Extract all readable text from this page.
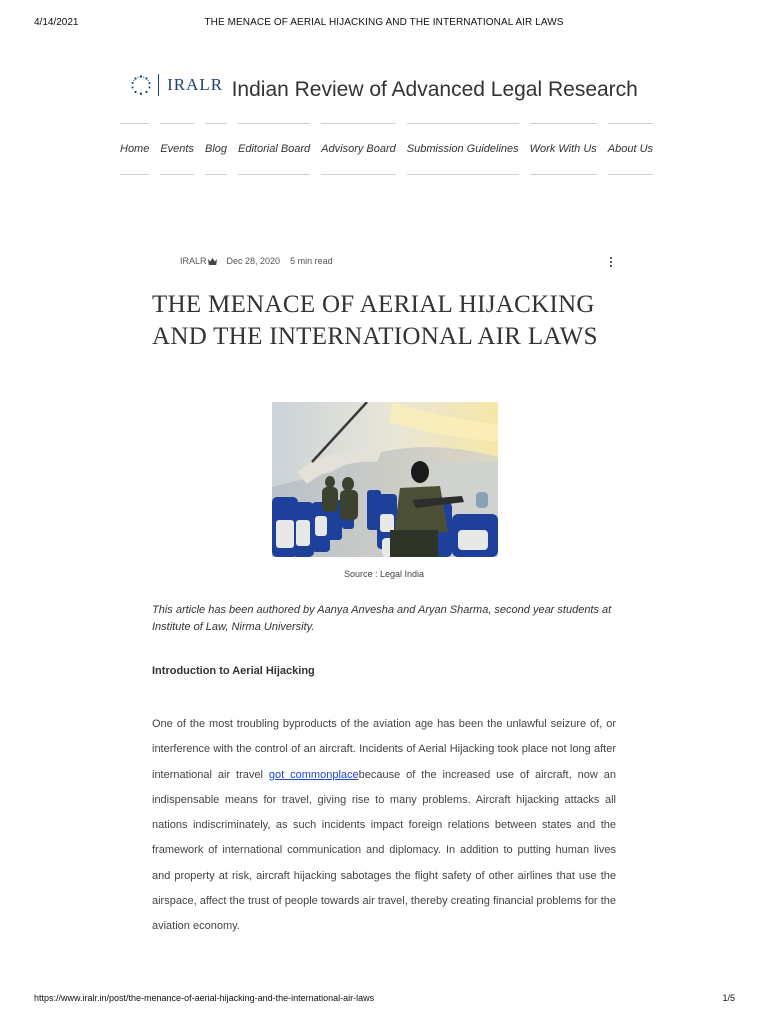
4/14/2021	THE MENACE OF AERIAL HIJACKING AND THE INTERNATIONAL AIR LAWS
IRALR Indian Review of Advanced Legal Research
Home Events Blog Editorial Board Advisory Board Submission Guidelines Work With Us About Us
IRALR	Dec 28, 2020 5 min read
THE MENACE OF AERIAL HIJACKING AND THE INTERNATIONAL AIR LAWS
Source : Legal India

This article has been authored by Aanya Anvesha and Aryan Sharma, second year students at Institute of Law, Nirma University.

Introduction to Aerial Hijacking

One of the most troubling byproducts of the aviation age has been the unlawful seizure of, or interference with the control of an aircraft. Incidents of Aerial Hijacking took place not long after international air travel got commonplacebecause of the increased use of aircraft, now an indispensable means for travel, giving rise to many problems. Aircraft hijacking attacks all nations indiscriminately, as such incidents impact foreign relations between states and the framework of international communication and diplomacy. In addition to putting human lives and property at risk, aircraft hijacking sabotages the flight safety of other airlines that use the airspace, affect the trust of people towards air travel, thereby creating financial problems for the aviation economy.

https://www.iralr.in/post/the-menance-of-aerial-hijacking-and-the-international-air-laws	1/5
